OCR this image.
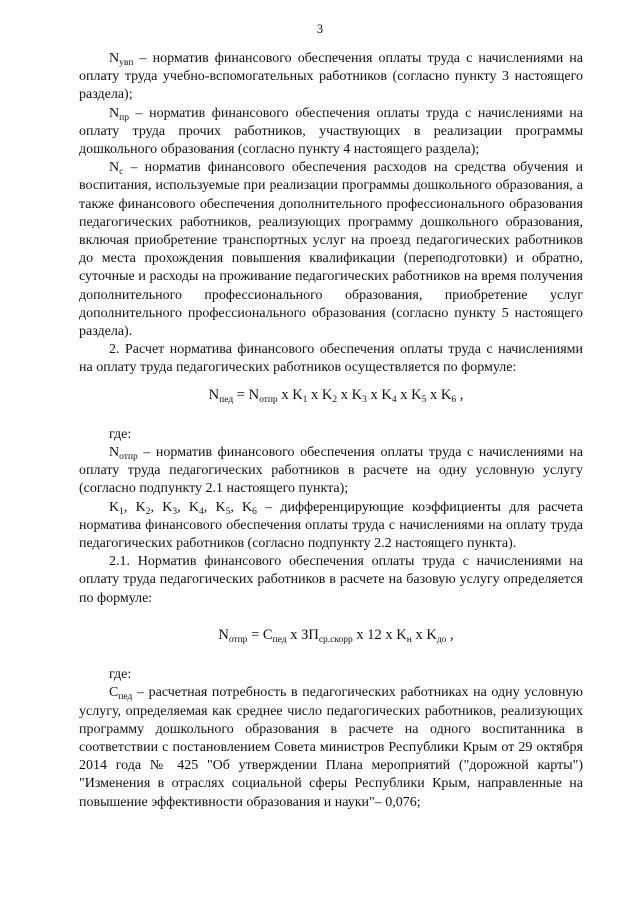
3

$N_{увп}$ – норматив финансового обеспечения оплаты труда с начислениями на оплату труда учебно-вспомогательных работников (согласно пункту 3 настоящего раздела);

$N_{пр}$ – норматив финансового обеспечения оплаты труда с начислениями на оплату труда прочих работников, участвующих в реализации программы дошкольного образования (согласно пункту 4 настоящего раздела);

$N_с$ – норматив финансового обеспечения расходов на средства обучения и воспитания, используемые при реализации программы дошкольного образования, а также финансового обеспечения дополнительного профессионального образования педагогических работников, реализующих программу дошкольного образования, включая приобретение транспортных услуг на проезд педагогических работников до места прохождения повышения квалификации (переподготовки) и обратно, суточные и расходы на проживание педагогических работников на время получения дополнительного профессионального образования, приобретение услуг дополнительного профессионального образования (согласно пункту 5 настоящего раздела).

2. Расчет норматива финансового обеспечения оплаты труда с начислениями на оплату труда педагогических работников осуществляется по формуле:

$N_{пед} = N_{отпр}$ х $K_1$ х $K_2$ х $K_3$ х $K_4$ х $K_5$ х $K_6$ ,

где:

$N_{отпр}$ – норматив финансового обеспечения оплаты труда с начислениями на оплату труда педагогических работников в расчете на одну условную услугу (согласно подпункту 2.1 настоящего пункта);

$K_1$, $K_2$, $K_3$, $K_4$, $K_5$, $K_6$ – дифференцирующие коэффициенты для расчета норматива финансового обеспечения оплаты труда с начислениями на оплату труда педагогических работников (согласно подпункту 2.2 настоящего пункта).

2.1. Норматив финансового обеспечения оплаты труда с начислениями на оплату труда педагогических работников в расчете на базовую услугу определяется по формуле:

$N_{отпр} = C_{пед}$ х $ЗП_{ср.скорр}$ х 12 х $K_н$ х $K_{до}$ ,

где:

$C_{пед}$ – расчетная потребность в педагогических работниках на одну условную услугу, определяемая как среднее число педагогических работников, реализующих программу дошкольного образования в расчете на одного воспитанника в соответствии с постановлением Совета министров Республики Крым от 29 октября 2014 года № 425 "Об утверждении Плана мероприятий ("дорожной карты") "Изменения в отраслях социальной сферы Республики Крым, направленные на повышение эффективности образования и науки"– 0,076;
